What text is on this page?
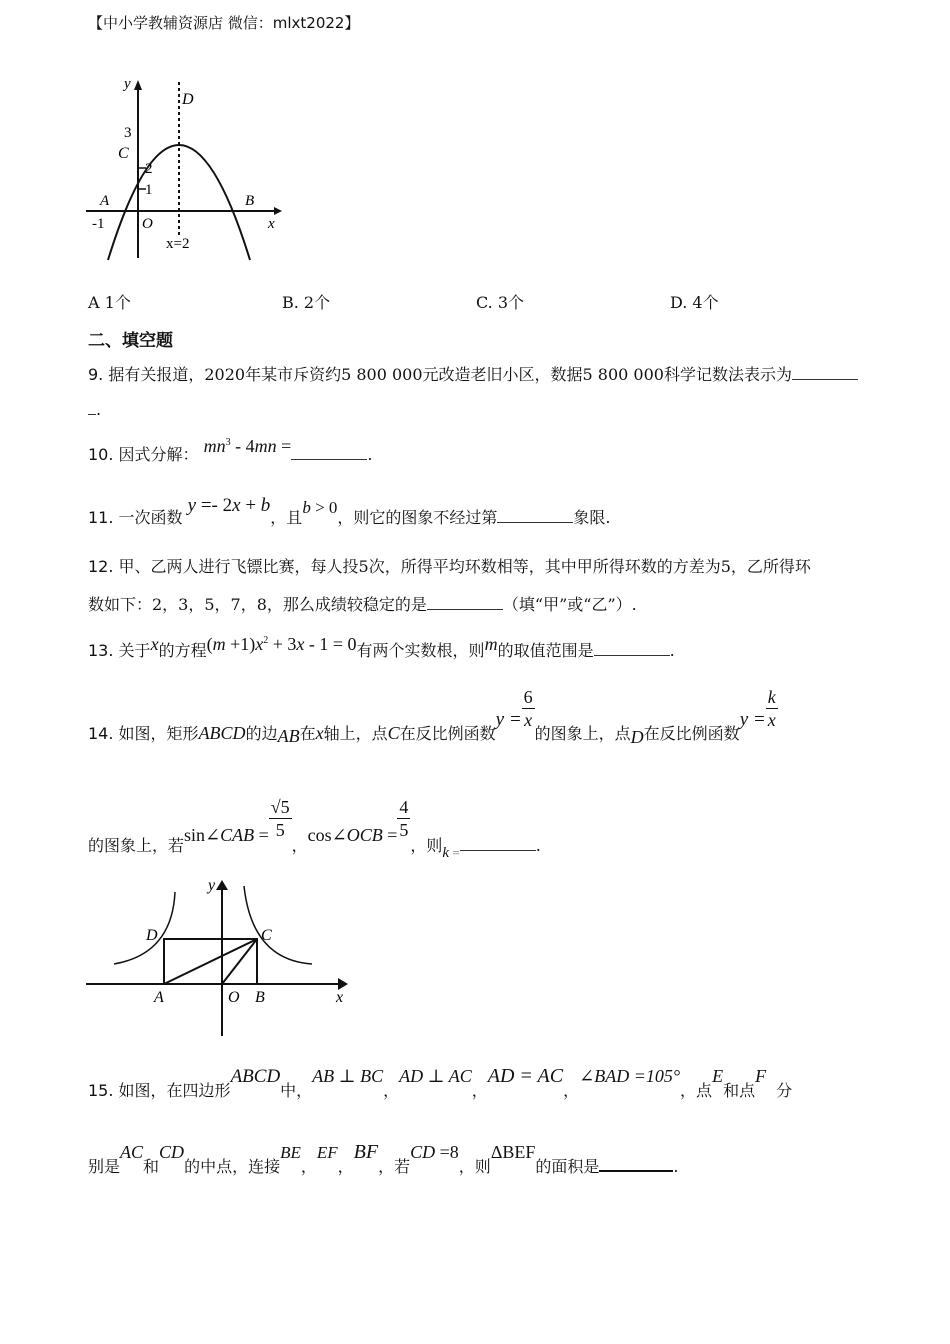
【中小学教辅资源店 微信：mlxt2022】
y
D
3
C
2
1
A
-1	O
B
x
x=2
A 1个	B. 2个	C. 3个	D. 4个
二、填空题
9. 据有关报道，2020年某市斥资约5 800 000元改造老旧小区，数据5 800 000科学记数法表示为
.
10. 因式分解： $mn^3 - 4mn$ =	.
11. 一次函数 y =- 2x + b，且b > 0，则它的图象不经过第	象限.
12. 甲、乙两人进行飞镖比赛，每人投5次，所得平均环数相等，其中甲所得环数的方差为5，乙所得环
数如下：2，3，5，7，8，那么成绩较稳定的是	（填“甲”或“乙”）.
13. 关于x的方程$(m +1)x^2 + 3x - 1 = 0$有两个实数根，则m的取值范围是	.
14. 如图，矩形ABCD的边AB在x轴上，点C在反比例函数$y = \frac{6}{x}$
的图象上，点D在反比例函数$y = \frac{k}{x}$
的图象上，若sin∠CAB = $\frac{√5}{5}$
，cos∠OCB = $\frac{4}{5}$
，则k $_=$	.
y
D	C
A	O B	x
15. 如图，在四边形ABCD中，AB ⊥ BC，AD ⊥ AC，AD = AC，∠BAD =105°，点E和点F分
别是AC和CD的中点，连接BE，EF，BF，若CD =8，则ΔBEF的面积是	.
